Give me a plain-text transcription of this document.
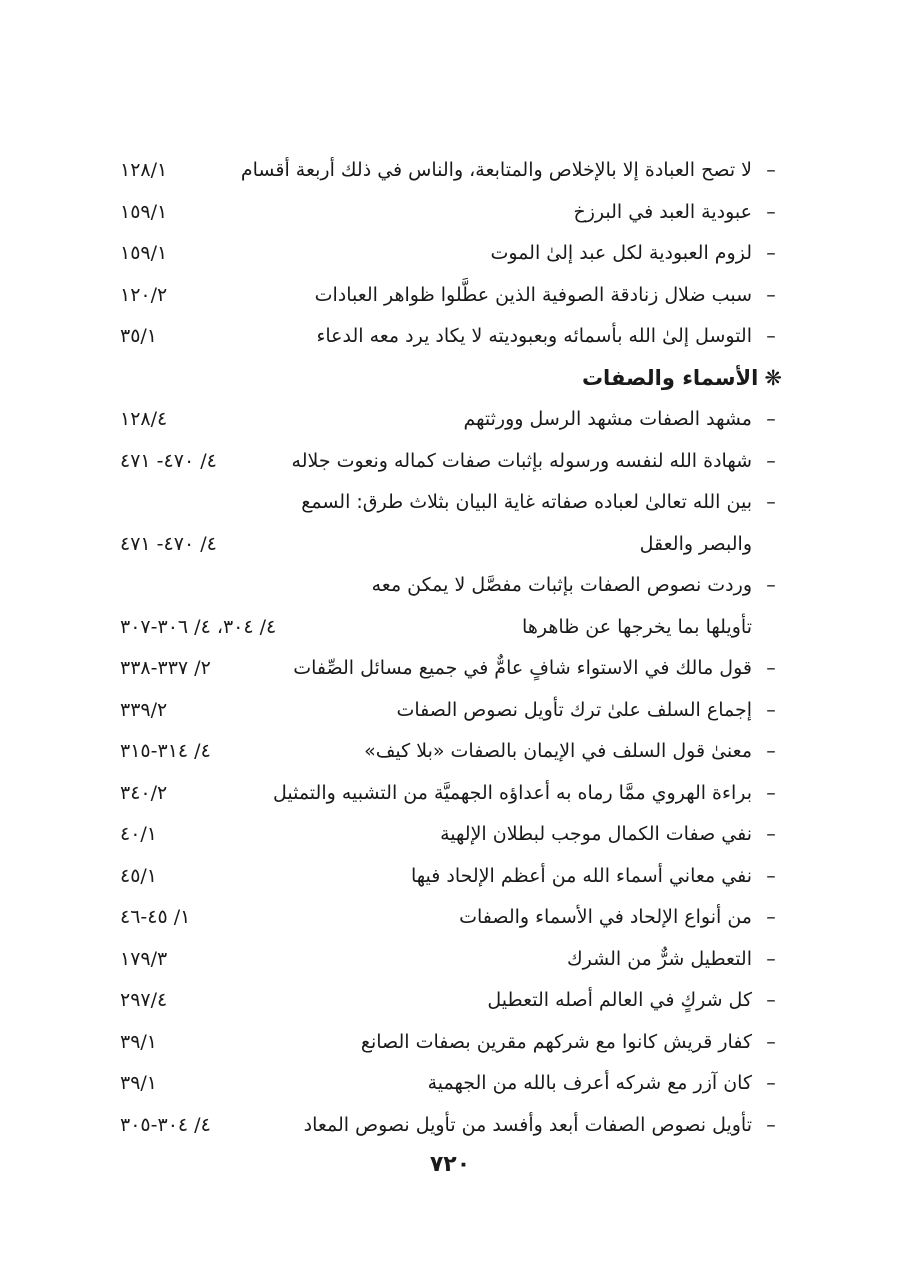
–
لا تصح العبادة إلا بالإخلاص والمتابعة، والناس في ذلك أربعة أقسام
١٢٨/١
–
عبودية العبد في البرزخ
١٥٩/١
–
لزوم العبودية لكل عبد إلىٰ الموت
١٥٩/١
–
سبب ضلال زنادقة الصوفية الذين عطَّلوا ظواهر العبادات
١٢٠/٢
–
التوسل إلىٰ الله بأسمائه وبعبوديته لا يكاد يرد معه الدعاء
٣٥/١
❋الأسماء والصفات
–
مشهد الصفات مشهد الرسل وورثتهم
١٢٨/٤
–
شهادة الله لنفسه ورسوله بإثبات صفات كماله ونعوت جلاله
٤/ ٤٧٠- ٤٧١
–
بين الله تعالىٰ لعباده صفاته غاية البيان بثلاث طرق: السمع
والبصر والعقل
٤/ ٤٧٠- ٤٧١
–
وردت نصوص الصفات بإثبات مفصَّل لا يمكن معه
تأويلها بما يخرجها عن ظاهرها
٤/ ٣٠٤، ٤/ ٣٠٦-٣٠٧
–
قول مالك في الاستواء شافٍ عامٌّ في جميع مسائل الصِّفات
٢/ ٣٣٧-٣٣٨
–
إجماع السلف علىٰ ترك تأويل نصوص الصفات
٣٣٩/٢
–
معنىٰ قول السلف في الإيمان بالصفات «بلا كيف»
٤/ ٣١٤-٣١٥
–
براءة الهروي ممَّا رماه به أعداؤه الجهميَّة من التشبيه والتمثيل
٣٤٠/٢
–
نفي صفات الكمال موجب لبطلان الإلهية
٤٠/١
–
نفي معاني أسماء الله من أعظم الإلحاد فيها
٤٥/١
–
من أنواع الإلحاد في الأسماء والصفات
١/ ٤٥-٤٦
–
التعطيل شرٌّ من الشرك
١٧٩/٣
–
كل شركٍ في العالم أصله التعطيل
٢٩٧/٤
–
كفار قريش كانوا مع شركهم مقرين بصفات الصانع
٣٩/١
–
كان آزر مع شركه أعرف بالله من الجهمية
٣٩/١
–
تأويل نصوص الصفات أبعد وأفسد من تأويل نصوص المعاد
٤/ ٣٠٤-٣٠٥
٧٢٠
